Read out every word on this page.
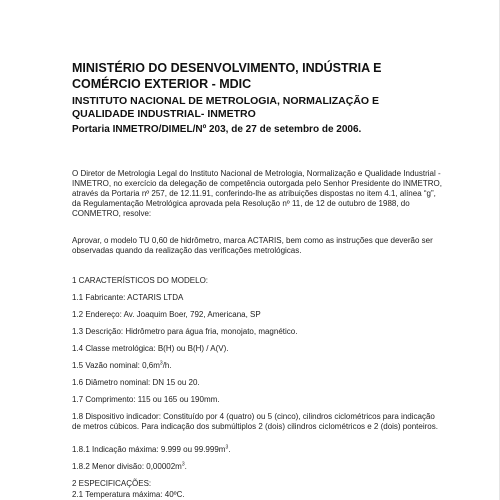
MINISTÉRIO DO DESENVOLVIMENTO, INDÚSTRIA E COMÉRCIO EXTERIOR - MDIC
INSTITUTO NACIONAL DE METROLOGIA, NORMALIZAÇÃO E QUALIDADE INDUSTRIAL- INMETRO
Portaria INMETRO/DIMEL/Nº 203, de 27 de setembro de 2006.
O Diretor de Metrologia Legal do Instituto Nacional de Metrologia, Normalização e Qualidade Industrial - INMETRO, no exercício da delegação de competência outorgada pelo Senhor Presidente do INMETRO, através da Portaria nº 257, de 12.11.91, conferindo-lhe as atribuições dispostas no item 4.1, alínea “g”, da Regulamentação Metrológica aprovada pela Resolução nº 11, de 12 de outubro de 1988, do CONMETRO, resolve:
Aprovar, o modelo TU 0,60 de hidrômetro, marca ACTARIS, bem como as instruções que deverão ser observadas quando da realização das verificações metrológicas.
1 CARACTERÍSTICOS DO MODELO:
1.1 Fabricante: ACTARIS LTDA
1.2 Endereço: Av. Joaquim Boer, 792, Americana, SP
1.3 Descrição: Hidrômetro para água fria, monojato, magnético.
1.4 Classe metrológica: B(H) ou B(H) / A(V).
1.5 Vazão nominal: $0,6m^3/h$.
1.6 Diâmetro nominal: DN 15 ou 20.
1.7 Comprimento: 115 ou 165 ou 190mm.
1.8 Dispositivo indicador: Constituído por 4 (quatro) ou 5 (cinco), cilindros ciclométricos para indicação de metros cúbicos. Para indicação dos submúltiplos 2 (dois) cilindros ciclométricos e 2 (dois) ponteiros.
1.8.1 Indicação máxima: 9.999 ou $99.999m^3$.
1.8.2 Menor divisão: $0,00002m^3$.
2 ESPECIFICAÇÕES:
2.1 Temperatura máxima: 40ºC.
